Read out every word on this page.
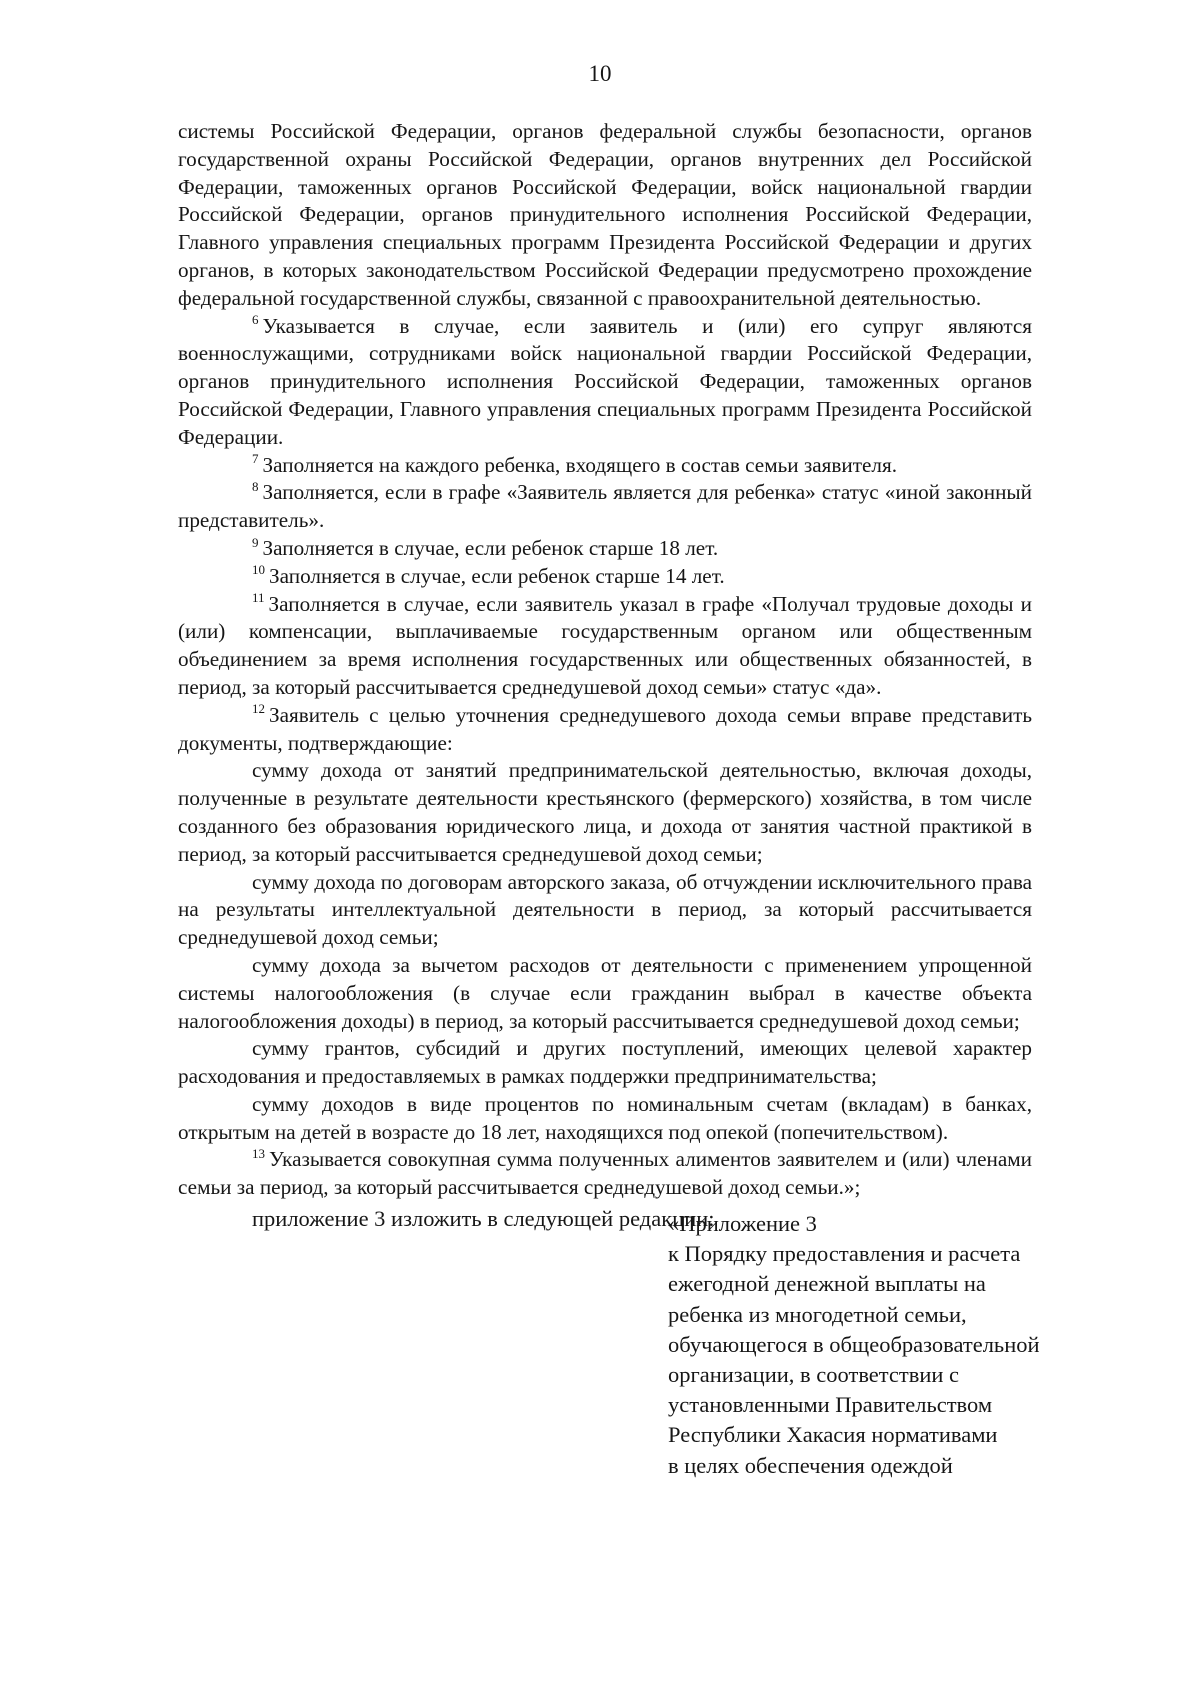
10

системы Российской Федерации, органов федеральной службы безопасности, органов государственной охраны Российской Федерации, органов внутренних дел Российской Федерации, таможенных органов Российской Федерации, войск национальной гвардии Российской Федерации, органов принудительного исполнения Российской Федерации, Главного управления специальных программ Президента Российской Федерации и других органов, в которых законодательством Российской Федерации предусмотрено прохождение федеральной государственной службы, связанной с правоохранительной деятельностью.

$^6$ Указывается в случае, если заявитель и (или) его супруг являются военнослужащими, сотрудниками войск национальной гвардии Российской Федерации, органов принудительного исполнения Российской Федерации, таможенных органов Российской Федерации, Главного управления специальных программ Президента Российской Федерации.

$^7$ Заполняется на каждого ребенка, входящего в состав семьи заявителя.

$^8$ Заполняется, если в графе «Заявитель является для ребенка» статус «иной законный представитель».

$^9$ Заполняется в случае, если ребенок старше 18 лет.

$^{10}$ Заполняется в случае, если ребенок старше 14 лет.

$^{11}$ Заполняется в случае, если заявитель указал в графе «Получал трудовые доходы и (или) компенсации, выплачиваемые государственным органом или общественным объединением за время исполнения государственных или общественных обязанностей, в период, за который рассчитывается среднедушевой доход семьи» статус «да».

$^{12}$ Заявитель с целью уточнения среднедушевого дохода семьи вправе представить документы, подтверждающие:

сумму дохода от занятий предпринимательской деятельностью, включая доходы, полученные в результате деятельности крестьянского (фермерского) хозяйства, в том числе созданного без образования юридического лица, и дохода от занятия частной практикой в период, за который рассчитывается среднедушевой доход семьи;

сумму дохода по договорам авторского заказа, об отчуждении исключительного права на результаты интеллектуальной деятельности в период, за который рассчитывается среднедушевой доход семьи;

сумму дохода за вычетом расходов от деятельности с применением упрощенной системы налогообложения (в случае если гражданин выбрал в качестве объекта налогообложения доходы) в период, за который рассчитывается среднедушевой доход семьи;

сумму грантов, субсидий и других поступлений, имеющих целевой характер расходования и предоставляемых в рамках поддержки предпринимательства;

сумму доходов в виде процентов по номинальным счетам (вкладам) в банках, открытым на детей в возрасте до 18 лет, находящихся под опекой (попечительством).

$^{13}$ Указывается совокупная сумма полученных алиментов заявителем и (или) членами семьи за период, за который рассчитывается среднедушевой доход семьи.»;

приложение 3 изложить в следующей редакции:

«Приложение 3
к Порядку предоставления и расчета
ежегодной денежной выплаты на
ребенка из многодетной семьи,
обучающегося в общеобразовательной
организации, в соответствии с
установленными Правительством
Республики Хакасия нормативами
в целях обеспечения одеждой
